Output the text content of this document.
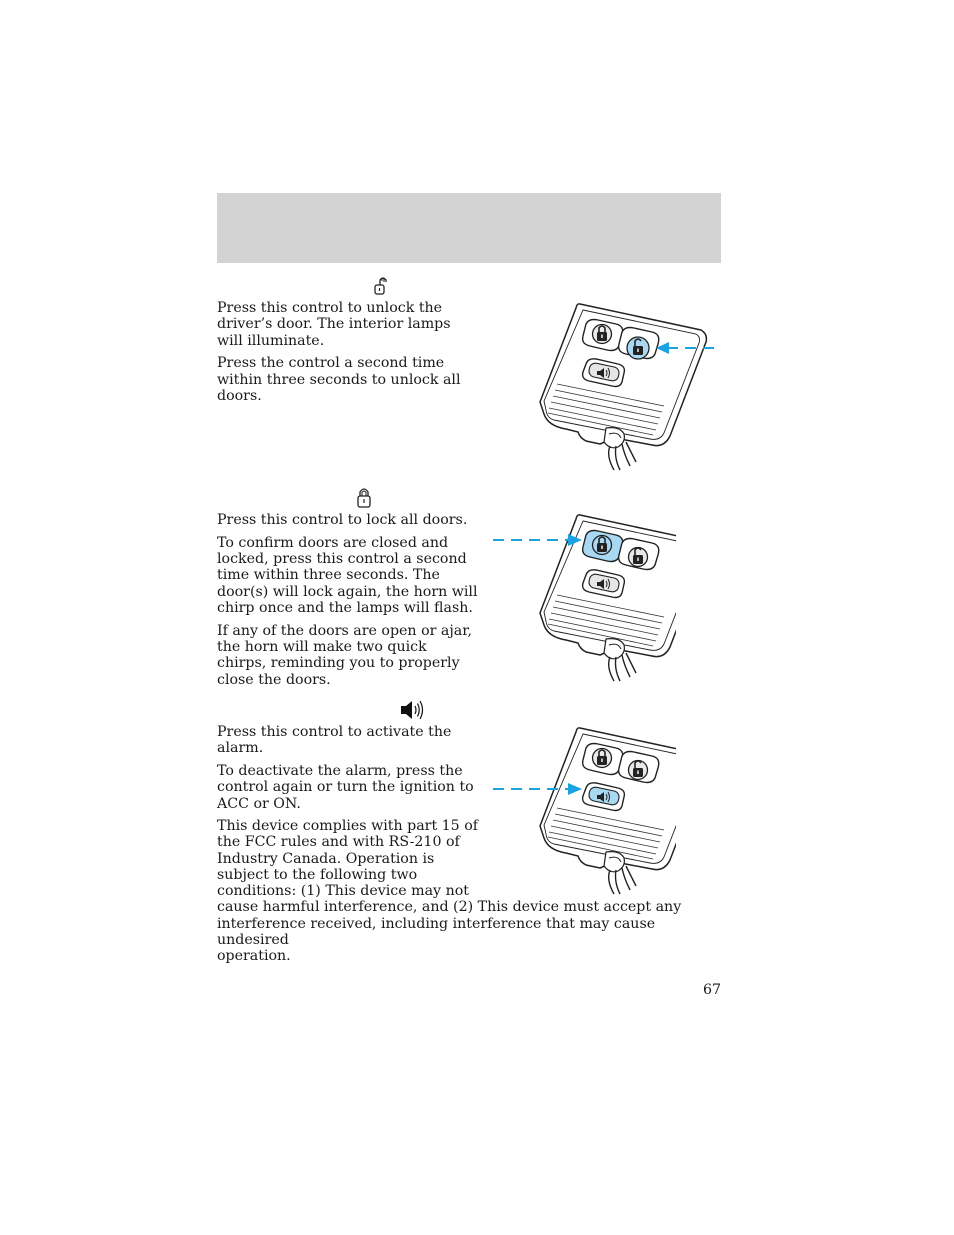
Press this control to unlock the driver’s door. The interior lamps will illuminate.

Press the control a second time within three seconds to unlock all doors.

Press this control to lock all doors.

To confirm doors are closed and locked, press this control a second time within three seconds. The door(s) will lock again, the horn will chirp once and the lamps will flash.

If any of the doors are open or ajar, the horn will make two quick chirps, reminding you to properly close the doors.

Press this control to activate the alarm.

To deactivate the alarm, press the control again or turn the ignition to ACC or ON.

This device complies with part 15 of
the FCC rules and with RS-210 of
Industry Canada. Operation is
subject to the following two
conditions: (1) This device may not
cause harmful interference, and (2) This device must accept any
interference received, including interference that may cause undesired
operation.
67
